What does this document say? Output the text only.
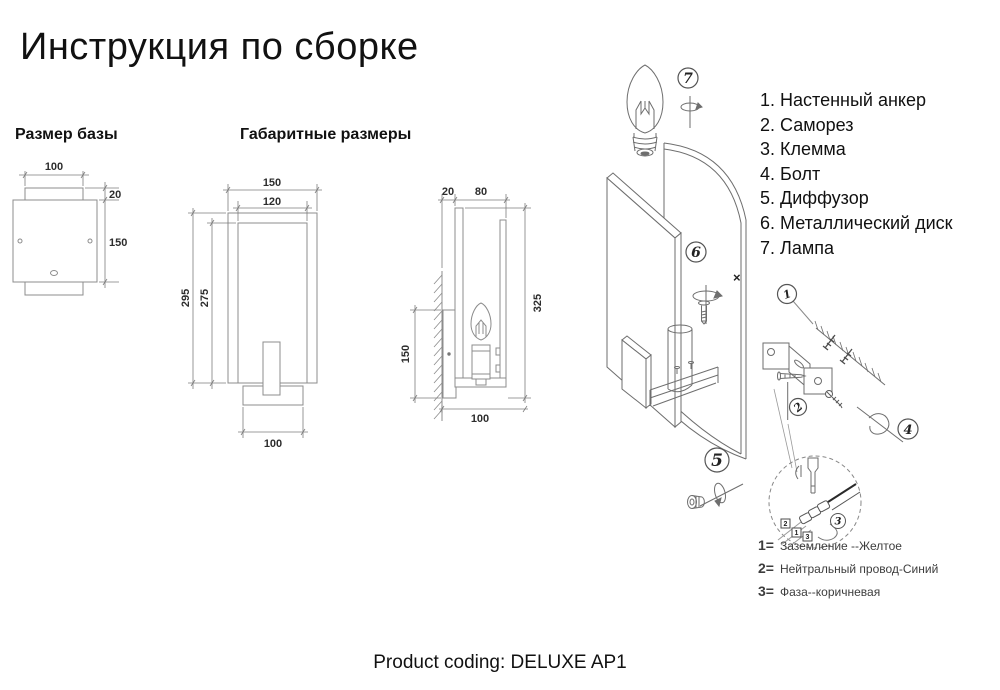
Инструкция по сборке
Размер базы	Габаритные размеры
100
20
150
150
120
295 275
100
20 80
150
325
100
7
6
5
1
2
4
×
2
1
3
3
1. Настенный анкер
2. Саморез
3. Клемма
4. Болт
5. Диффузор
6. Металлический диск
7. Лампа
1= Заземление --Желтое
2= Нейтральный провод-Синий
3= Фаза--коричневая
Product coding: DELUXE AP1
